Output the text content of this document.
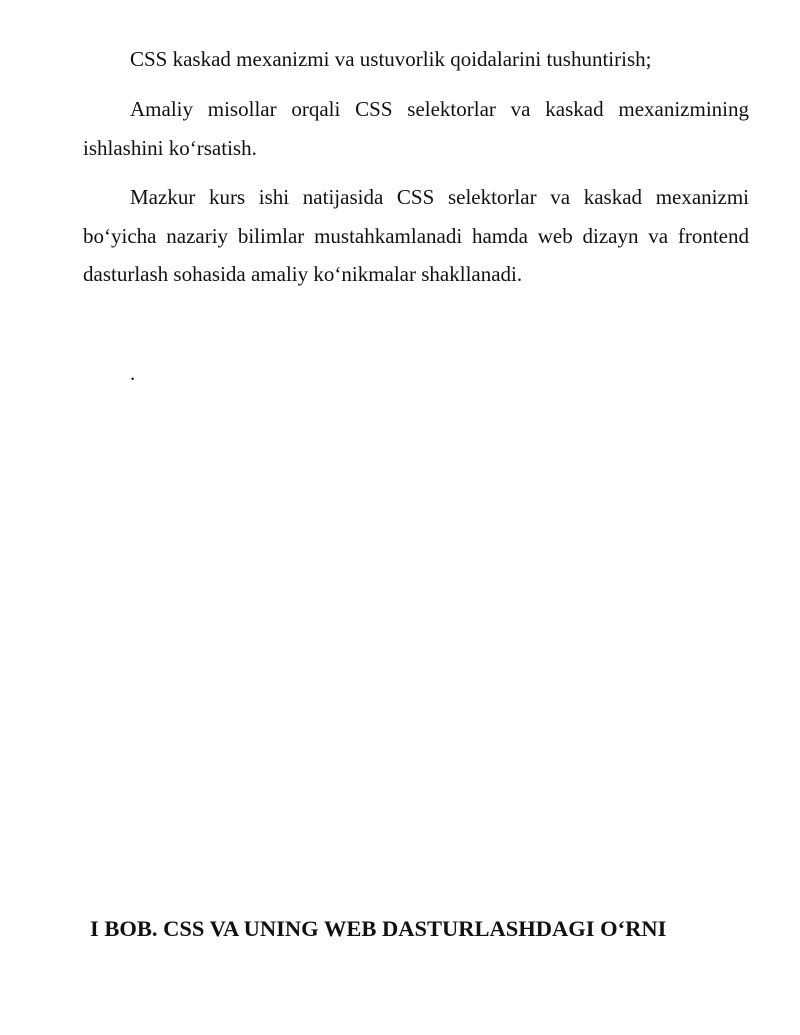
CSS kaskad mexanizmi va ustuvorlik qoidalarini tushuntirish;

Amaliy misollar orqali CSS selektorlar va kaskad mexanizmining ishlashini ko‘rsatish.

Mazkur kurs ishi natijasida CSS selektorlar va kaskad mexanizmi bo‘yicha nazariy bilimlar mustahkamlanadi hamda web dizayn va frontend dasturlash sohasida amaliy ko‘nikmalar shakllanadi.

.

I BOB. CSS VA UNING WEB DASTURLASHDAGI O‘RNI
